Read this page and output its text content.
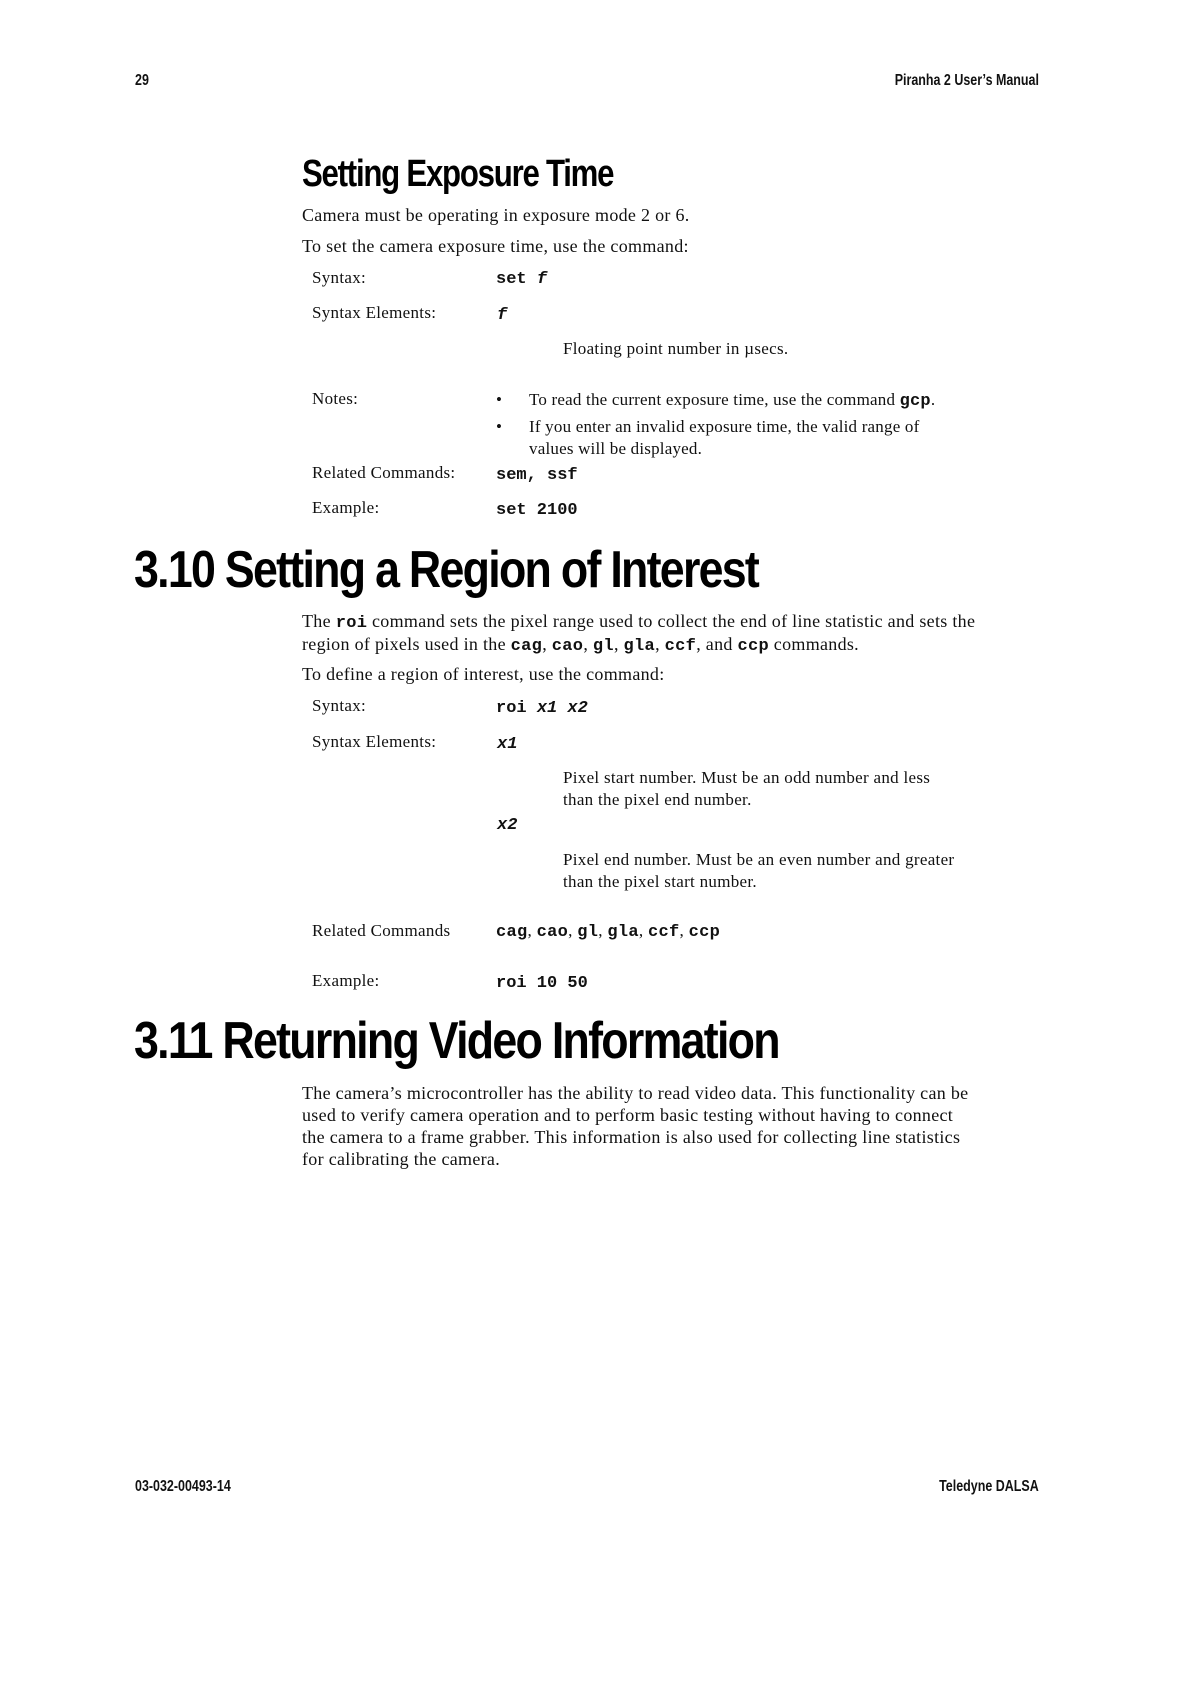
29	Piranha 2 User’s Manual
Setting Exposure Time
Camera must be operating in exposure mode 2 or 6.
To set the camera exposure time, use the command:
Syntax:	set f
Syntax Elements:	f
Floating point number in µsecs.
Notes:	• To read the current exposure time, use the command gcp.
• If you enter an invalid exposure time, the valid range of
values will be displayed.
Related Commands: sem, ssf
Example:	set 2100
3.10 Setting a Region of Interest
The roi command sets the pixel range used to collect the end of line statistic and sets the
region of pixels used in the cag, cao, gl, gla, ccf, and ccp commands.
To define a region of interest, use the command:
Syntax:	roi x1 x2
Syntax Elements:	x1
Pixel start number. Must be an odd number and less
than the pixel end number.
x2
Pixel end number. Must be an even number and greater
than the pixel start number.
Related Commands	cag, cao, gl, gla, ccf, ccp
Example:	roi 10 50
3.11 Returning Video Information
The camera’s microcontroller has the ability to read video data. This functionality can be
used to verify camera operation and to perform basic testing without having to connect
the camera to a frame grabber. This information is also used for collecting line statistics
for calibrating the camera.
03-032-00493-14	Teledyne DALSA
